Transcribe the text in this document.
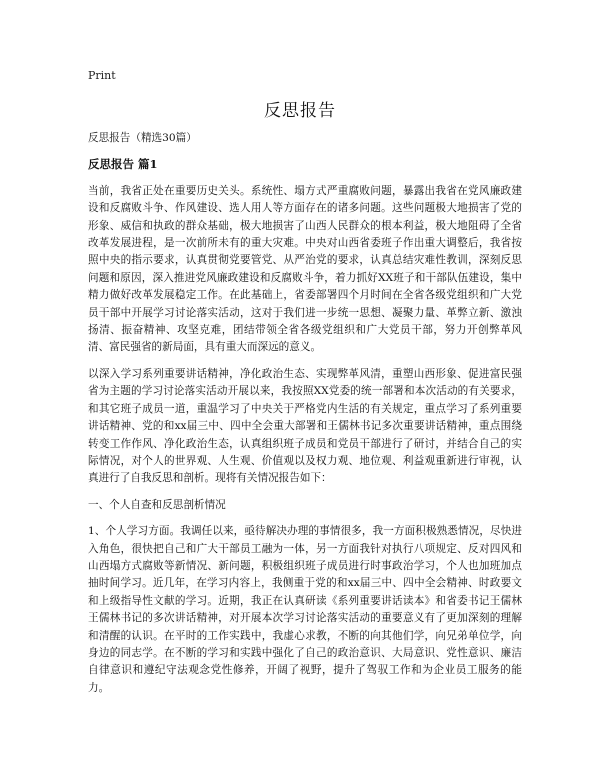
Print
反思报告

反思报告（精选30篇）

反思报告 篇1

当前，我省正处在重要历史关头。系统性、塌方式严重腐败问题，暴露出我省在党风廉政建设和反腐败斗争、作风建设、选人用人等方面存在的诸多问题。这些问题极大地损害了党的形象、威信和执政的群众基础，极大地损害了山西人民群众的根本利益，极大地阻碍了全省改革发展进程，是一次前所未有的重大灾难。中央对山西省委班子作出重大调整后，我省按照中央的指示要求，认真贯彻党要管党、从严治党的要求，认真总结灾难性教训，深刻反思问题和原因，深入推进党风廉政建设和反腐败斗争，着力抓好XX班子和干部队伍建设，集中精力做好改革发展稳定工作。在此基础上，省委部署四个月时间在全省各级党组织和广大党员干部中开展学习讨论落实活动，这对于我们进一步统一思想、凝聚力量、革弊立新、激浊扬清、振奋精神、攻坚克难，团结带领全省各级党组织和广大党员干部，努力开创弊革风清、富民强省的新局面，具有重大而深远的意义。

以深入学习系列重要讲话精神，净化政治生态、实现弊革风清，重塑山西形象、促进富民强省为主题的学习讨论落实活动开展以来，我按照XX党委的统一部署和本次活动的有关要求，和其它班子成员一道，重温学习了中央关于严格党内生活的有关规定，重点学习了系列重要讲话精神、党的和xx届三中、四中全会重大部署和王儒林书记多次重要讲话精神，重点围绕转变工作作风、净化政治生态，认真组织班子成员和党员干部进行了研讨，并结合自己的实际情况，对个人的世界观、人生观、价值观以及权力观、地位观、利益观重新进行审视，认真进行了自我反思和剖析。现将有关情况报告如下：

一、个人自查和反思剖析情况

1、个人学习方面。我调任以来，亟待解决办理的事情很多，我一方面积极熟悉情况，尽快进入角色，很快把自己和广大干部员工融为一体，另一方面我针对执行八项规定、反对四风和山西塌方式腐败等新情况、新问题，积极组织班子成员进行时事政治学习，个人也加班加点抽时间学习。近几年，在学习内容上，我侧重于党的和xx届三中、四中全会精神、时政要文和上级指导性文献的学习。近期，我正在认真研读《系列重要讲话读本》和省委书记王儒林王儒林书记的多次讲话精神，对开展本次学习讨论落实活动的重要意义有了更加深刻的理解和清醒的认识。在平时的工作实践中，我虚心求教，不断的向其他们学，向兄弟单位学，向身边的同志学。在不断的学习和实践中强化了自己的政治意识、大局意识、党性意识、廉洁自律意识和遵纪守法观念党性修养，开阔了视野，提升了驾驭工作和为企业员工服务的能力。
